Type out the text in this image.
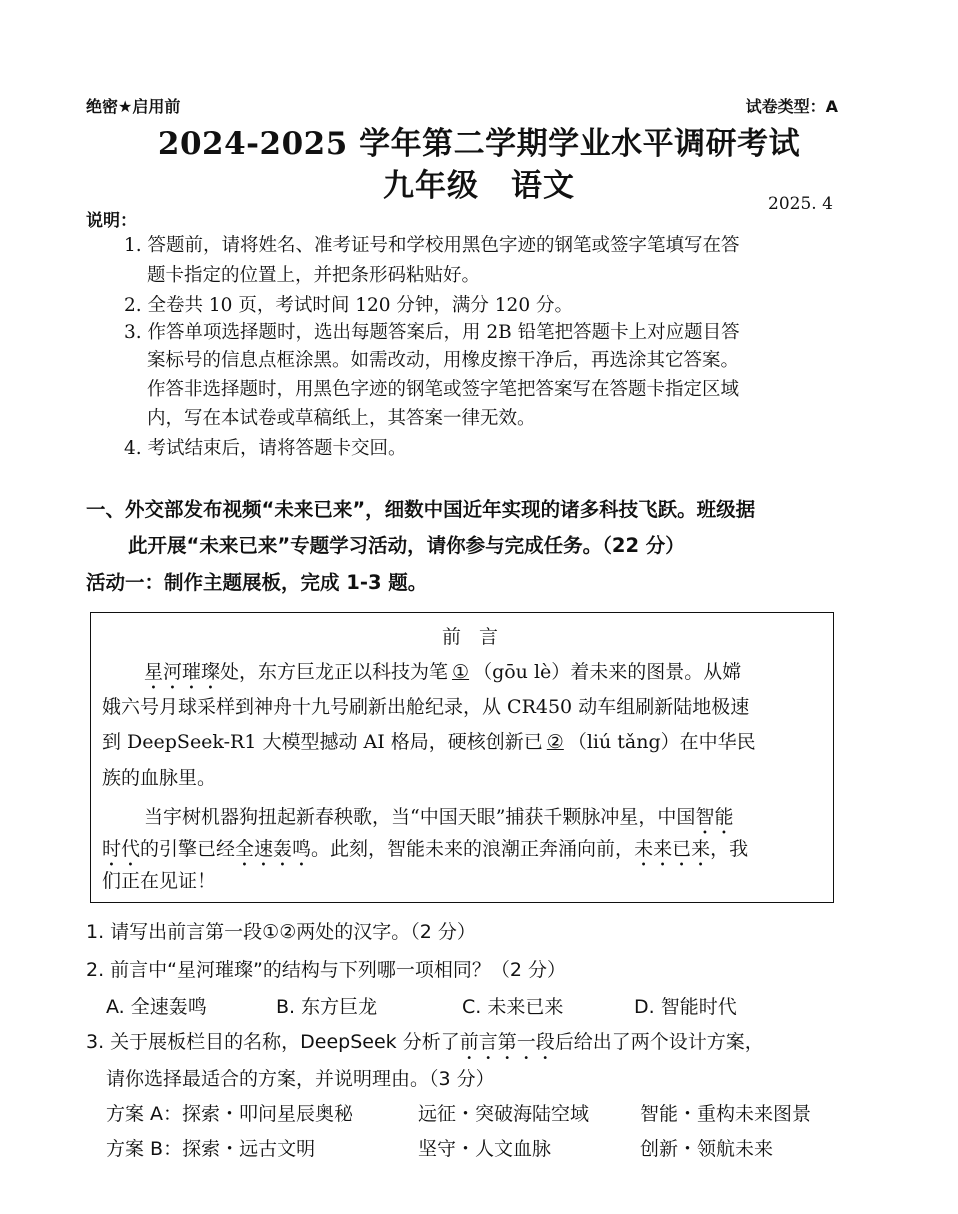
绝密★启用前	试卷类型：A
2024-2025 学年第二学期学业水平调研考试
九年级　语文	2025. 4
说明：
1. 答题前，请将姓名、准考证号和学校用黑色字迹的钢笔或签字笔填写在答
题卡指定的位置上，并把条形码粘贴好。
2. 全卷共 10 页，考试时间 120 分钟，满分 120 分。
3. 作答单项选择题时，选出每题答案后，用 2B 铅笔把答题卡上对应题目答
案标号的信息点框涂黑。如需改动，用橡皮擦干净后，再选涂其它答案。
作答非选择题时，用黑色字迹的钢笔或签字笔把答案写在答题卡指定区域
内，写在本试卷或草稿纸上，其答案一律无效。
4. 考试结束后，请将答题卡交回。
一、外交部发布视频“未来已来”，细数中国近年实现的诸多科技飞跃。班级据
此开展“未来已来”专题学习活动，请你参与完成任务。（22 分）
活动一：制作主题展板，完成 1-3 题。
前言
星河璀璨处，东方巨龙正以科技为笔 ① （gōu lè）着未来的图景。从嫦
娥六号月球采样到神舟十九号刷新出舱纪录，从 CR450 动车组刷新陆地极速
到 DeepSeek-R1 大模型撼动 AI 格局，硬核创新已 ② （liú tǎng）在中华民
族的血脉里。
当宇树机器狗扭起新春秧歌，当“中国天眼”捕获千颗脉冲星，中国智能
时代的引擎已经全速轰鸣。此刻，智能未来的浪潮正奔涌向前，未来已来，我
们正在见证！
1. 请写出前言第一段①②两处的汉字。（2 分）
2. 前言中“星河璀璨”的结构与下列哪一项相同？（2 分）
A. 全速轰鸣	B. 东方巨龙	C. 未来已来	D. 智能时代
3. 关于展板栏目的名称，DeepSeek 分析了前言第一段后给出了两个设计方案，
请你选择最适合的方案，并说明理由。（3 分）
方案 A：探索・叩问星辰奥秘	远征・突破海陆空域	智能・重构未来图景
方案 B：探索・远古文明	坚守・人文血脉	创新・领航未来
